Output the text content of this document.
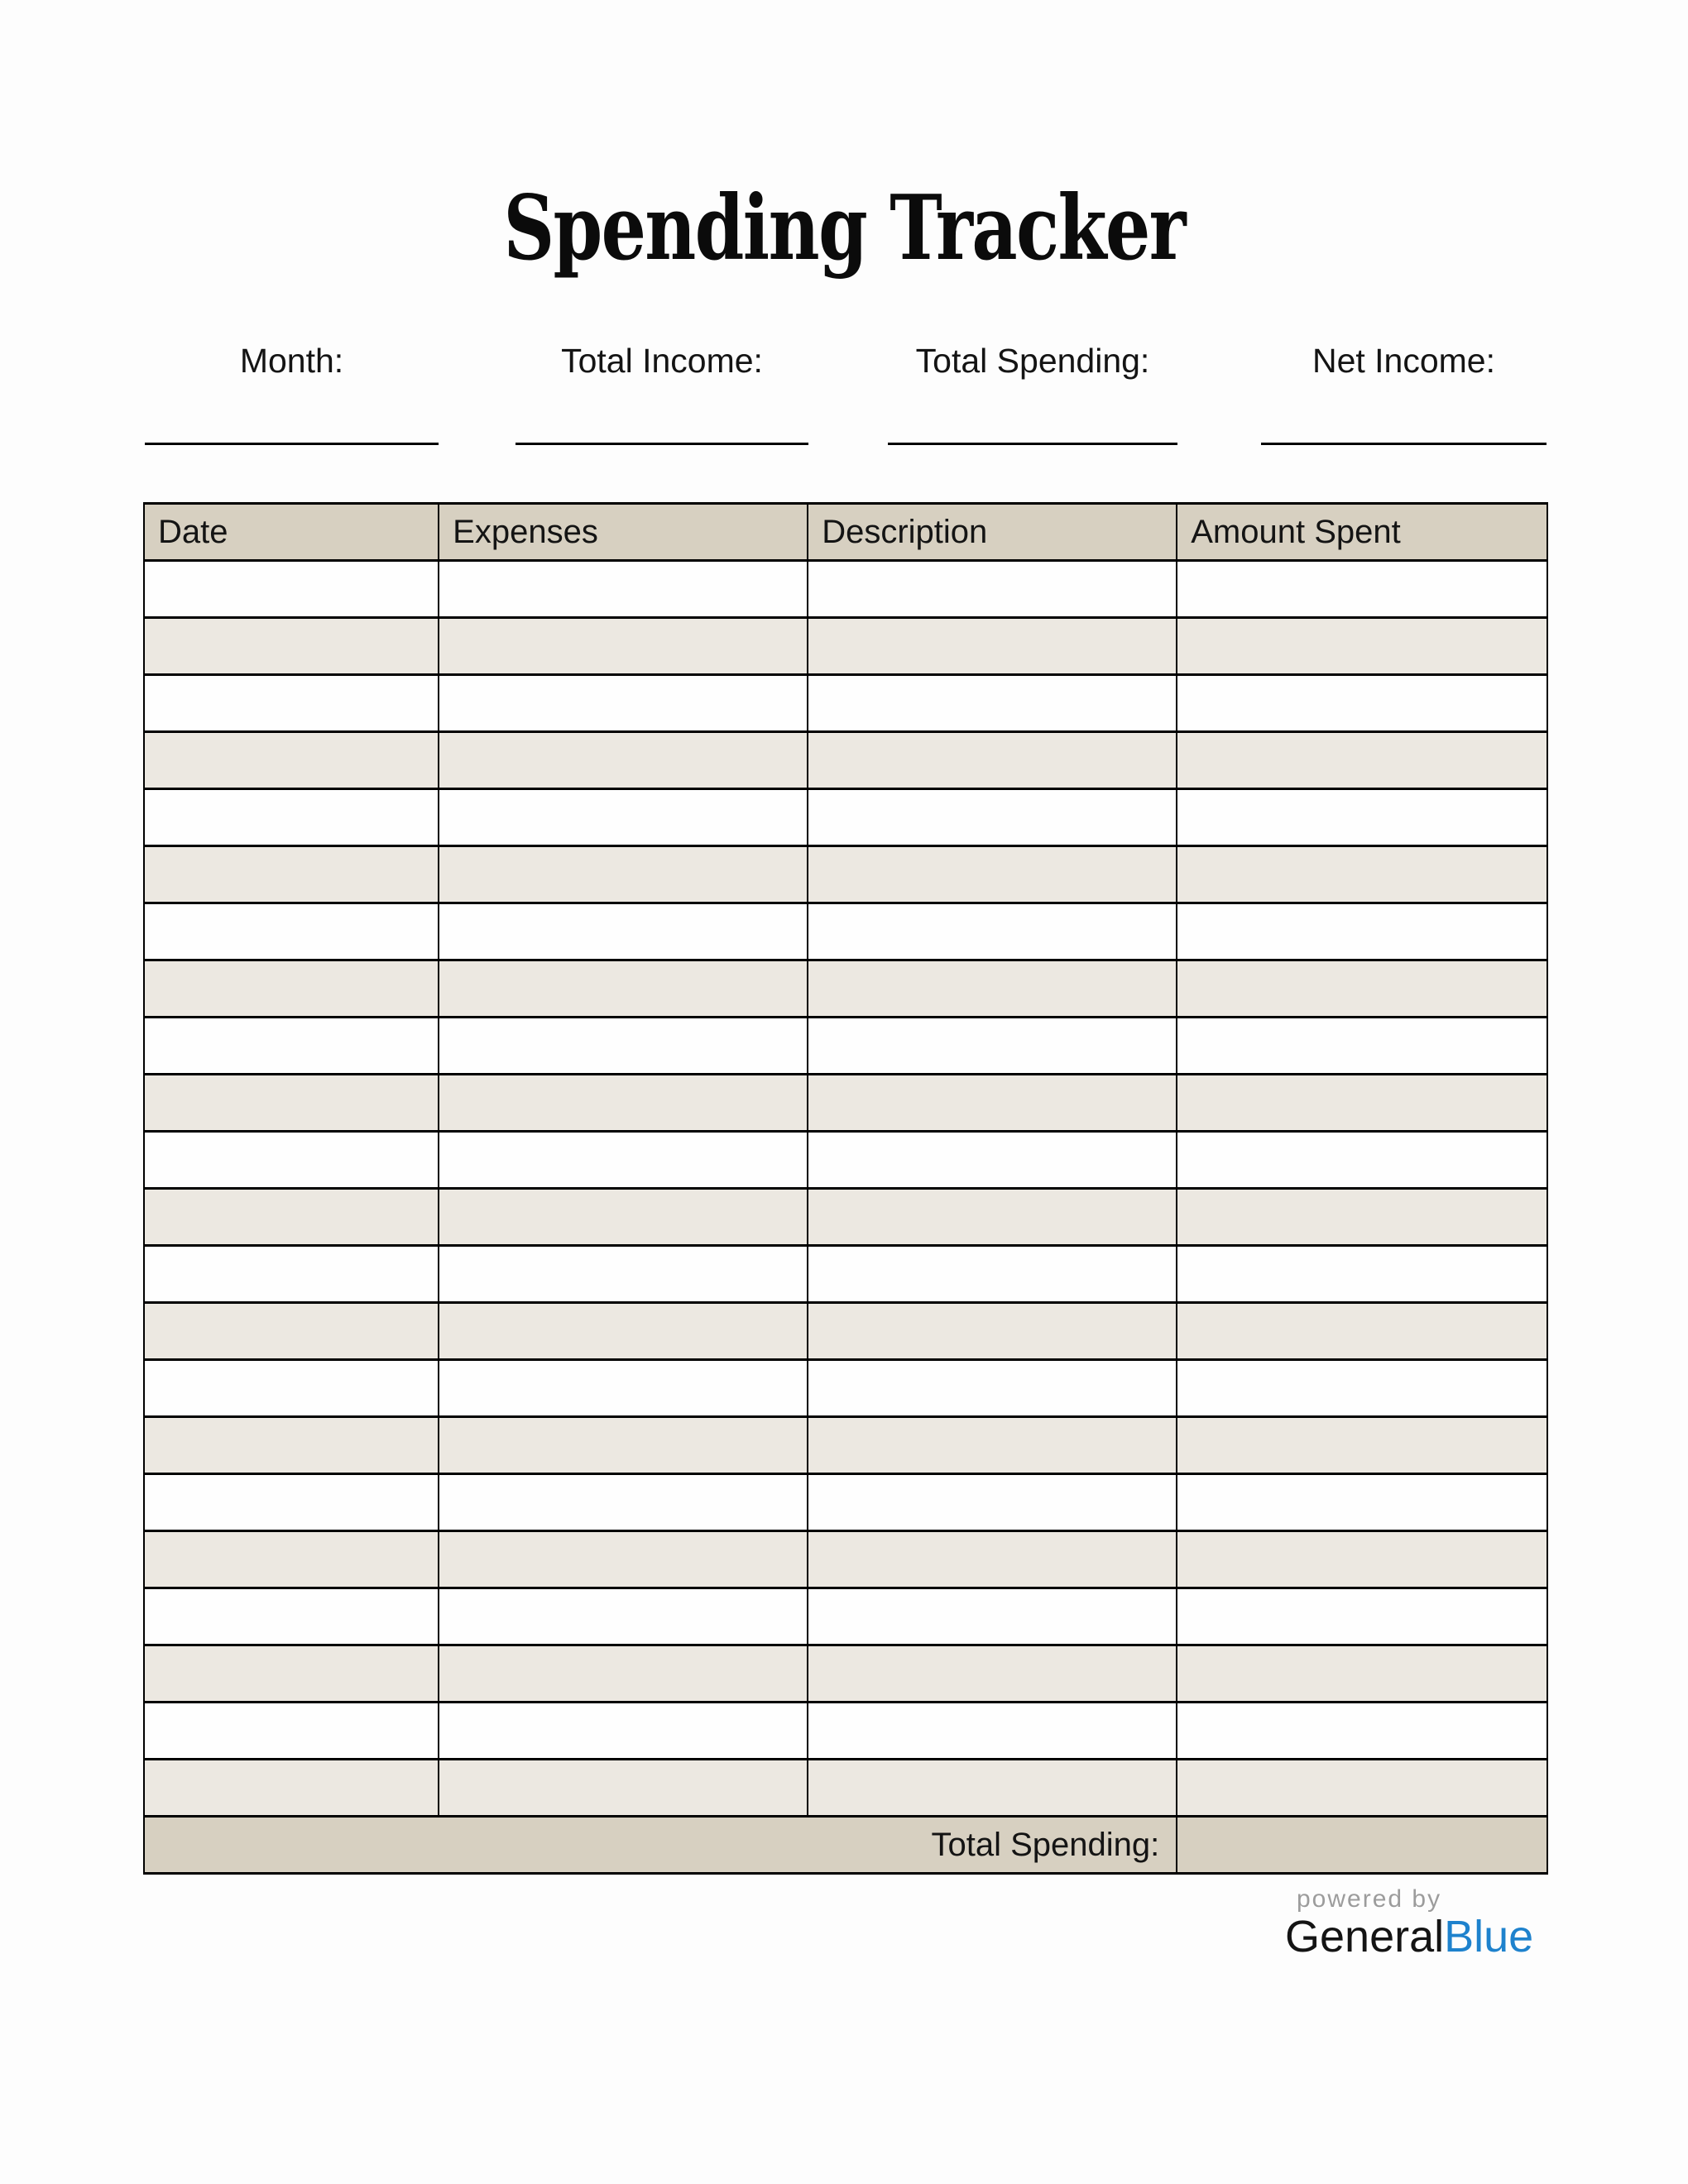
Spending Tracker
Month:	Total Income:	Total Spending:	Net Income:
Date	Expenses	Description	Amount Spent

Total Spending:			
powered by
GeneralBlue
